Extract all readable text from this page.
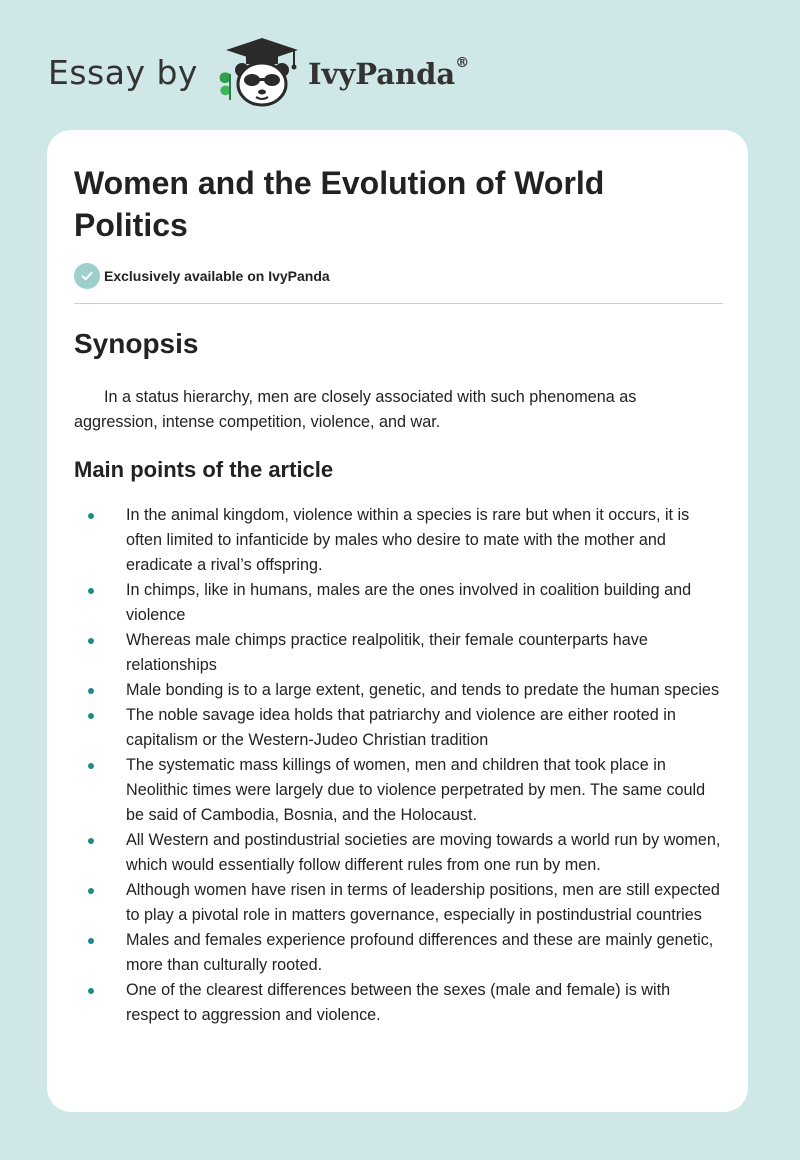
Essay by	IvyPanda®
Women and the Evolution of World Politics
Exclusively available on IvyPanda
Synopsis

In a status hierarchy, men are closely associated with such phenomena as aggression, intense competition, violence, and war.

Main points of the article
In the animal kingdom, violence within a species is rare but when it occurs, it is often limited to infanticide by males who desire to mate with the mother and eradicate a rival’s offspring.
In chimps, like in humans, males are the ones involved in coalition building and violence
Whereas male chimps practice realpolitik, their female counterparts have relationships
Male bonding is to a large extent, genetic, and tends to predate the human species
The noble savage idea holds that patriarchy and violence are either rooted in capitalism or the Western-Judeo Christian tradition
The systematic mass killings of women, men and children that took place in Neolithic times were largely due to violence perpetrated by men. The same could be said of Cambodia, Bosnia, and the Holocaust.
All Western and postindustrial societies are moving towards a world run by women, which would essentially follow different rules from one run by men.
Although women have risen in terms of leadership positions, men are still expected to play a pivotal role in matters governance, especially in postindustrial countries
Males and females experience profound differences and these are mainly genetic, more than culturally rooted.
One of the clearest differences between the sexes (male and female) is with respect to aggression and violence.
